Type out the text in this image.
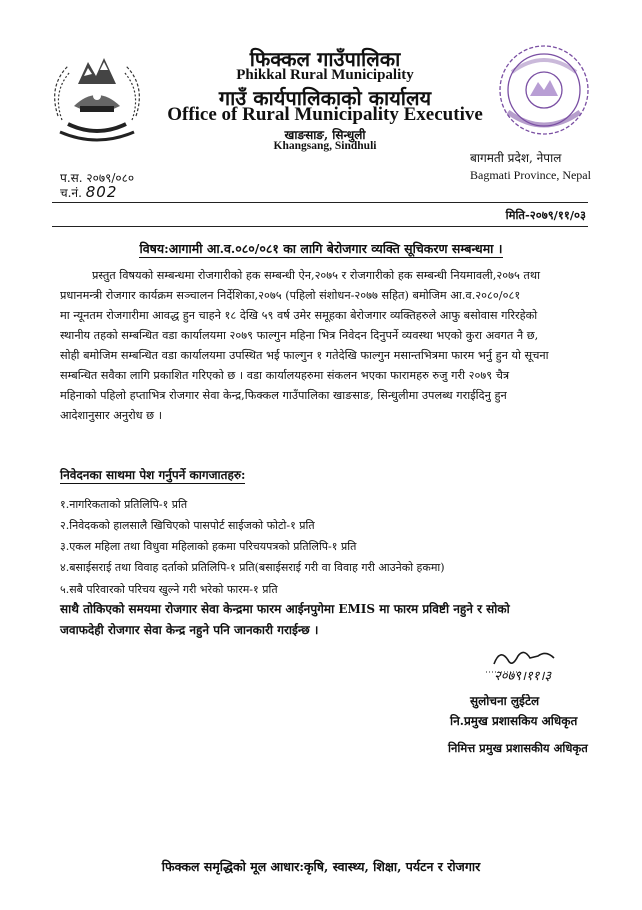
फिक्कल गाउँपालिका
Phikkal Rural Municipality
गाउँ कार्यपालिकाको कार्यालय
Office of Rural Municipality Executive
खाङसाङ, सिन्धुली
Khangsang, Sindhuli
बागमती प्रदेश, नेपाल
Bagmati Province, Nepal
प.स. २०७९/०८०
च.नं. 802
मिति-२०७९/११/०३
विषय:आगामी आ.व.०८०/०८१ का लागि बेरोजगार व्यक्ति सूचिकरण सम्बन्धमा ।
प्रस्तुत विषयको सम्बन्धमा रोजगारीको हक सम्बन्धी ऐन,२०७५ र रोजगारीको हक सम्बन्धी नियमावली,२०७५ तथा
प्रधानमन्त्री रोजगार कार्यक्रम सञ्चालन निर्देशिका,२०७५ (पहिलो संशोधन-२०७७ सहित) बमोजिम आ.व.२०८०/०८१
मा न्यूनतम रोजगारीमा आवद्ध हुन चाहने १८ देखि ५९ वर्ष उमेर समूहका बेरोजगार व्यक्तिहरुले आफु बसोवास गरिरहेको
स्थानीय तहको सम्बन्धित वडा कार्यालयमा २०७९ फाल्गुन महिना भित्र निवेदन दिनुपर्ने व्यवस्था भएको कुरा अवगत नै छ,
सोही बमोजिम सम्बन्धित वडा कार्यालयमा उपस्थित भई फाल्गुन १ गतेदेखि फाल्गुन मसान्तभित्रमा फारम भर्नु हुन यो सूचना
सम्बन्धित सवैका लागि प्रकाशित गरिएको छ । वडा कार्यालयहरुमा संकलन भएका फारामहरु रुजु गरी २०७९ चैत्र
महिनाको पहिलो हप्ताभित्र रोजगार सेवा केन्द्र,फिक्कल गाउँपालिका खाङसाङ, सिन्धुलीमा उपलब्ध गराईदिनु हुन
आदेशानुसार अनुरोध छ ।
निवेदनका साथमा पेश गर्नुपर्ने कागजातहरु:
१.नागरिकताको प्रतिलिपि-१ प्रति
२.निवेदकको हालसालै खिचिएको पासपोर्ट साईजको फोटो-१ प्रति
३.एकल महिला तथा विधुवा महिलाको हकमा परिचयपत्रको प्रतिलिपि-१ प्रति
४.बसाईसराई तथा विवाह दर्ताको प्रतिलिपि-१ प्रति(बसाईसराई गरी वा विवाह गरी आउनेको हकमा)
५.सबै परिवारको परिचय खुल्ने गरी भरेको फारम-१ प्रति
साथै तोकिएको समयमा रोजगार सेवा केन्द्रमा फारम आईनपुगेमा EMIS मा फारम प्रविष्टी नहुने र सोको
जवाफदेही रोजगार सेवा केन्द्र नहुने पनि जानकारी गराईन्छ ।
२०७९।११।३
सुलोचना लुईटेल
नि.प्रमुख प्रशासकिय अधिकृत
निमित्त प्रमुख प्रशासकीय अधिकृत
फिक्कल समृद्धिको मूल आधार:कृषि, स्वास्थ्य, शिक्षा, पर्यटन र रोजगार
